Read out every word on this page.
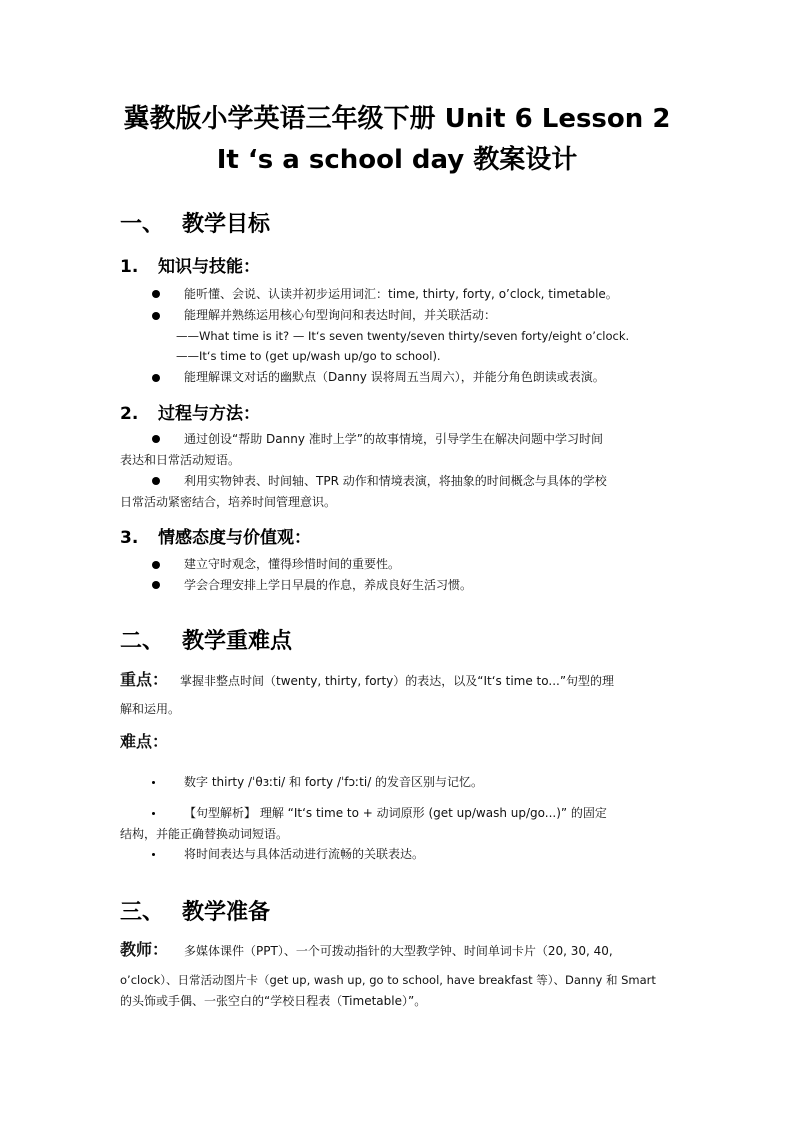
冀教版小学英语三年级下册 Unit 6 Lesson 2
It ‘s a school day 教案设计
一、 教学目标
1. 知识与技能：
能听懂、会说、认读并初步运用词汇：time, thirty, forty, o’clock, timetable。
能理解并熟练运用核心句型询问和表达时间，并关联活动：
——What time is it? — It‘s seven twenty/seven thirty/seven forty/eight o’clock.
——It‘s time to (get up/wash up/go to school).
能理解课文对话的幽默点（Danny 误将周五当周六），并能分角色朗读或表演。
2. 过程与方法：
通过创设“帮助 Danny 准时上学”的故事情境，引导学生在解决问题中学习时间
表达和日常活动短语。
利用实物钟表、时间轴、TPR 动作和情境表演，将抽象的时间概念与具体的学校
日常活动紧密结合，培养时间管理意识。
3. 情感态度与价值观：
建立守时观念，懂得珍惜时间的重要性。
学会合理安排上学日早晨的作息，养成良好生活习惯。
二、 教学重难点
重点： 掌握非整点时间（twenty, thirty, forty）的表达，以及“It‘s time to...”句型的理
解和运用。
难点：
数字 thirty /ˈθɜːti/ 和 forty /ˈfɔːti/ 的发音区别与记忆。
【句型解析】 理解 “It‘s time to + 动词原形 (get up/wash up/go...)” 的固定
结构，并能正确替换动词短语。
将时间表达与具体活动进行流畅的关联表达。
三、 教学准备
教师： 多媒体课件（PPT）、一个可拨动指针的大型教学钟、时间单词卡片（20, 30, 40,
o’clock）、日常活动图片卡（get up, wash up, go to school, have breakfast 等）、Danny 和 Smart
的头饰或手偶、一张空白的“学校日程表（Timetable）”。
